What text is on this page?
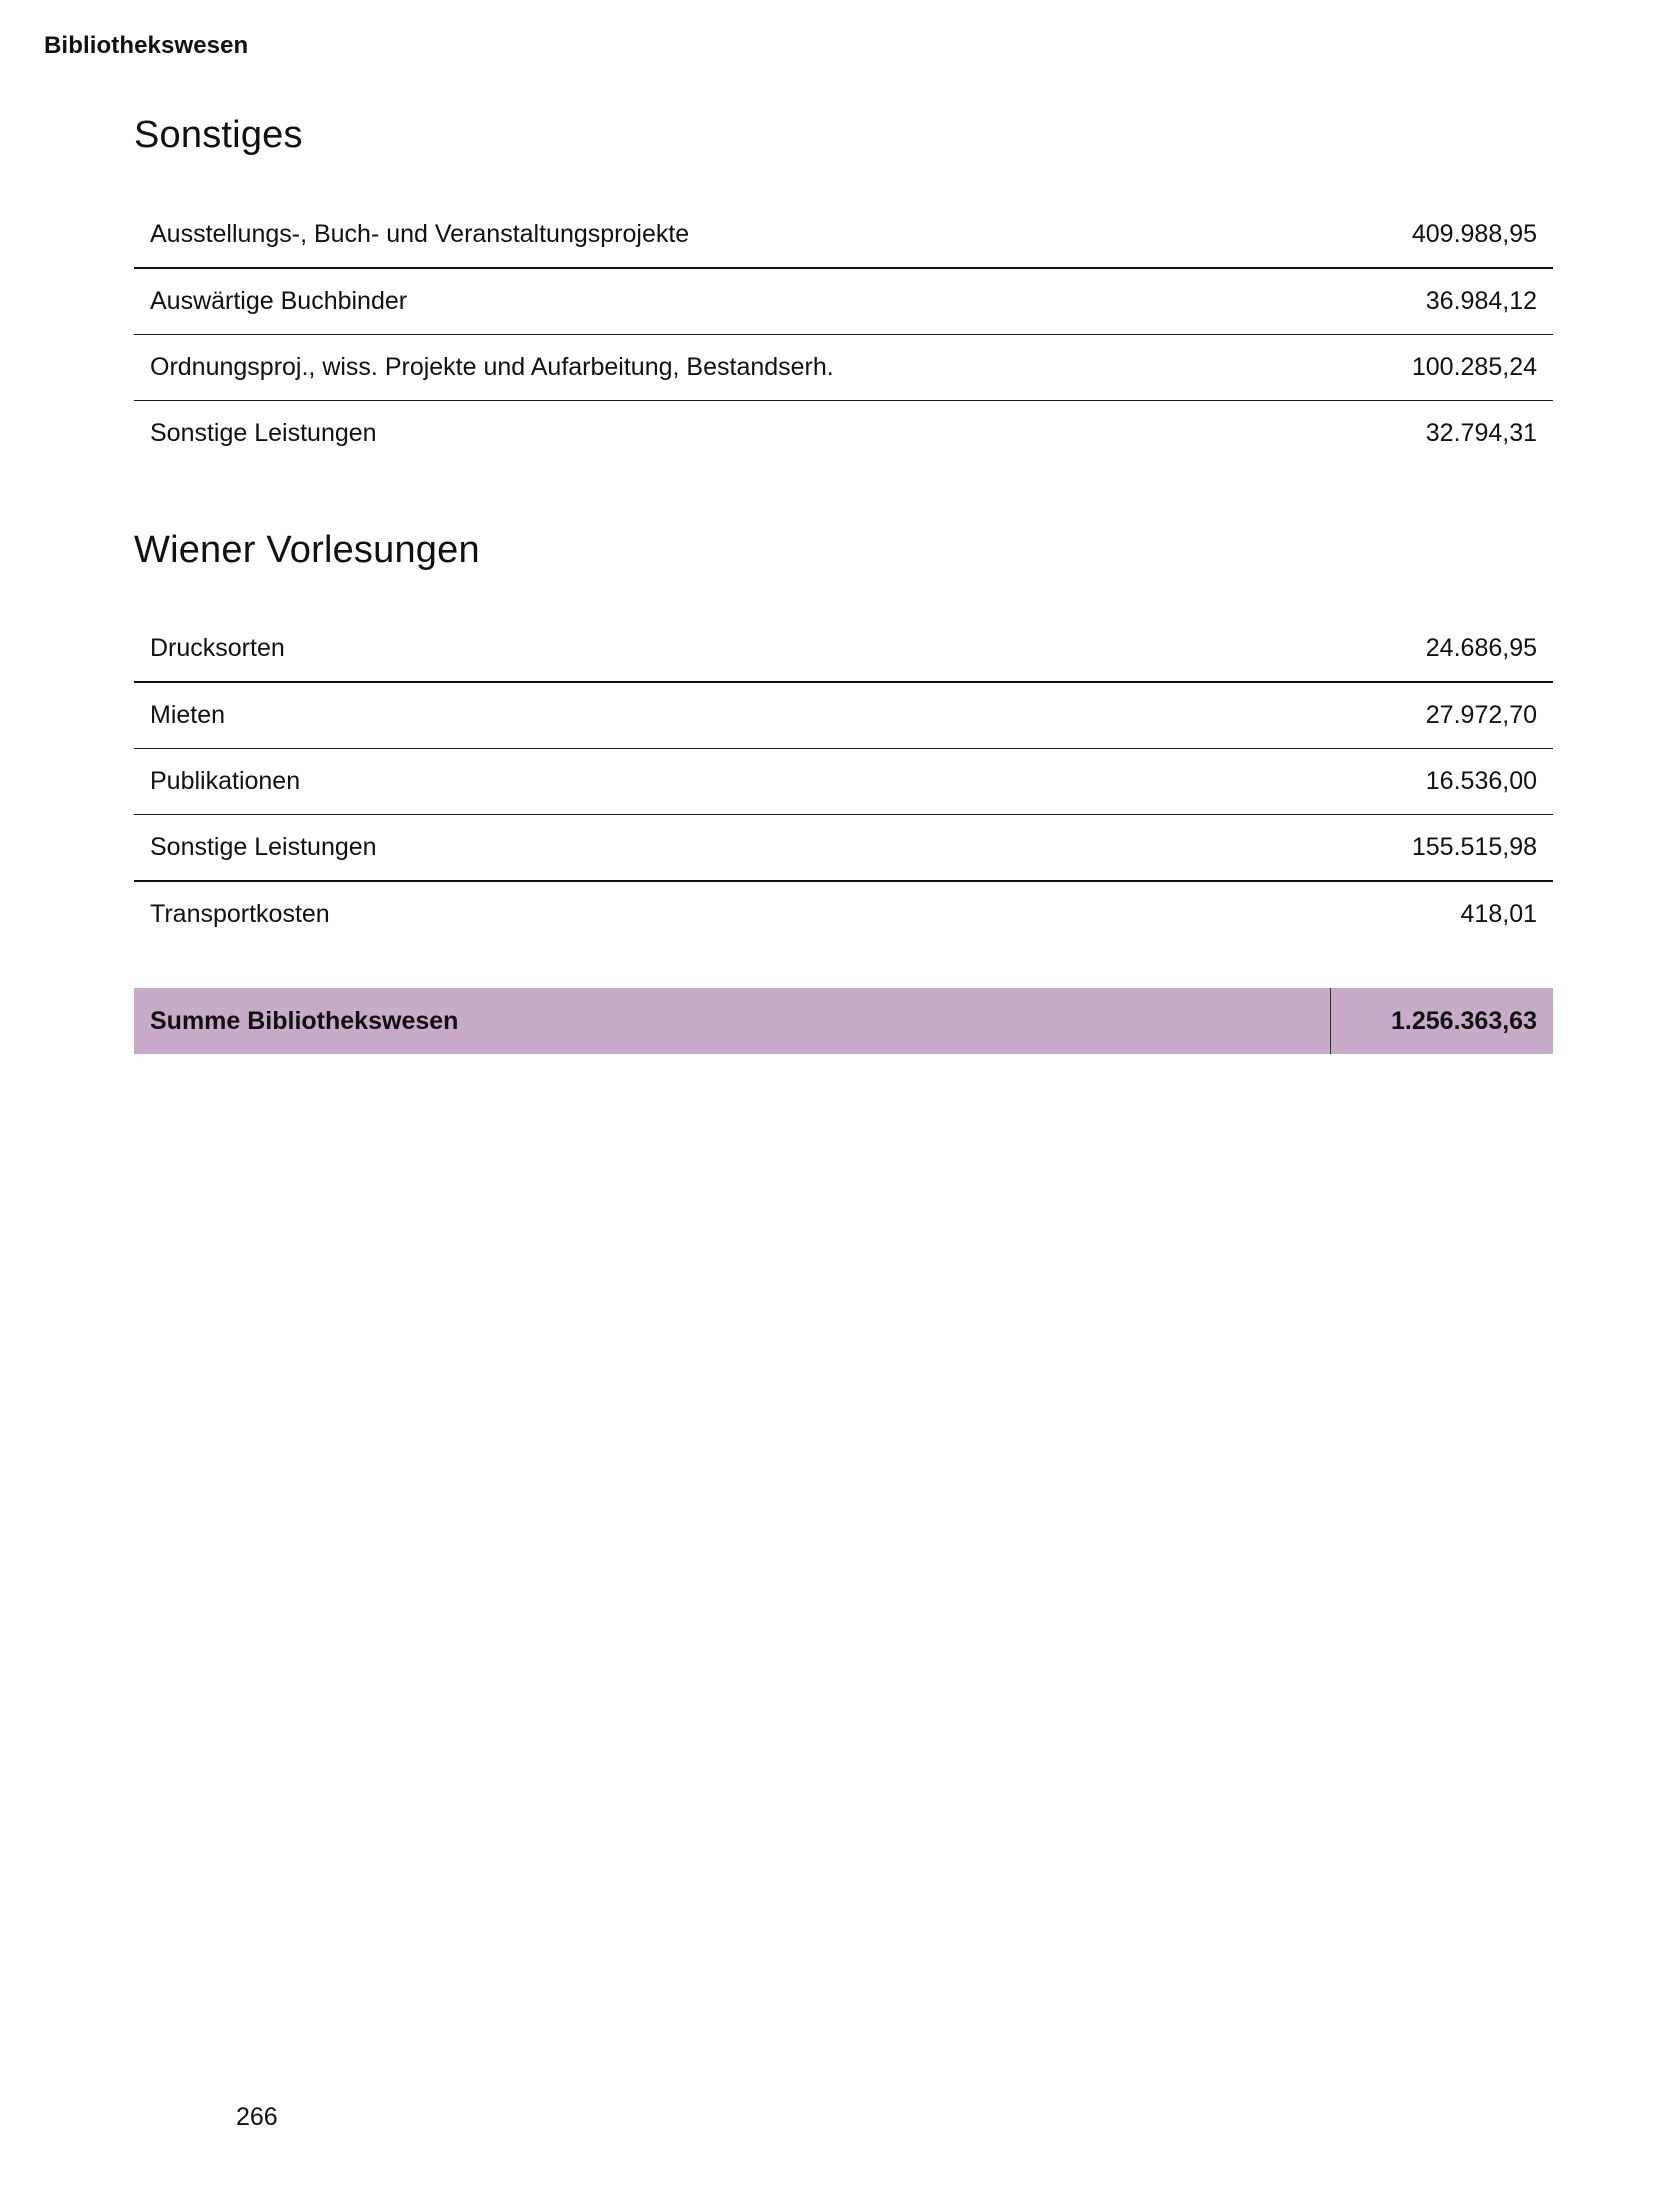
Bibliothekswesen
Sonstiges
Ausstellungs-, Buch- und Veranstaltungsprojekte	409.988,95
Auswärtige Buchbinder	36.984,12
Ordnungsproj., wiss. Projekte und Aufarbeitung, Bestandserh.	100.285,24
Sonstige Leistungen	32.794,31
Wiener Vorlesungen
Drucksorten	24.686,95
Mieten	27.972,70
Publikationen	16.536,00
Sonstige Leistungen	155.515,98
Transportkosten	418,01
Summe Bibliothekswesen	1.256.363,63
266
